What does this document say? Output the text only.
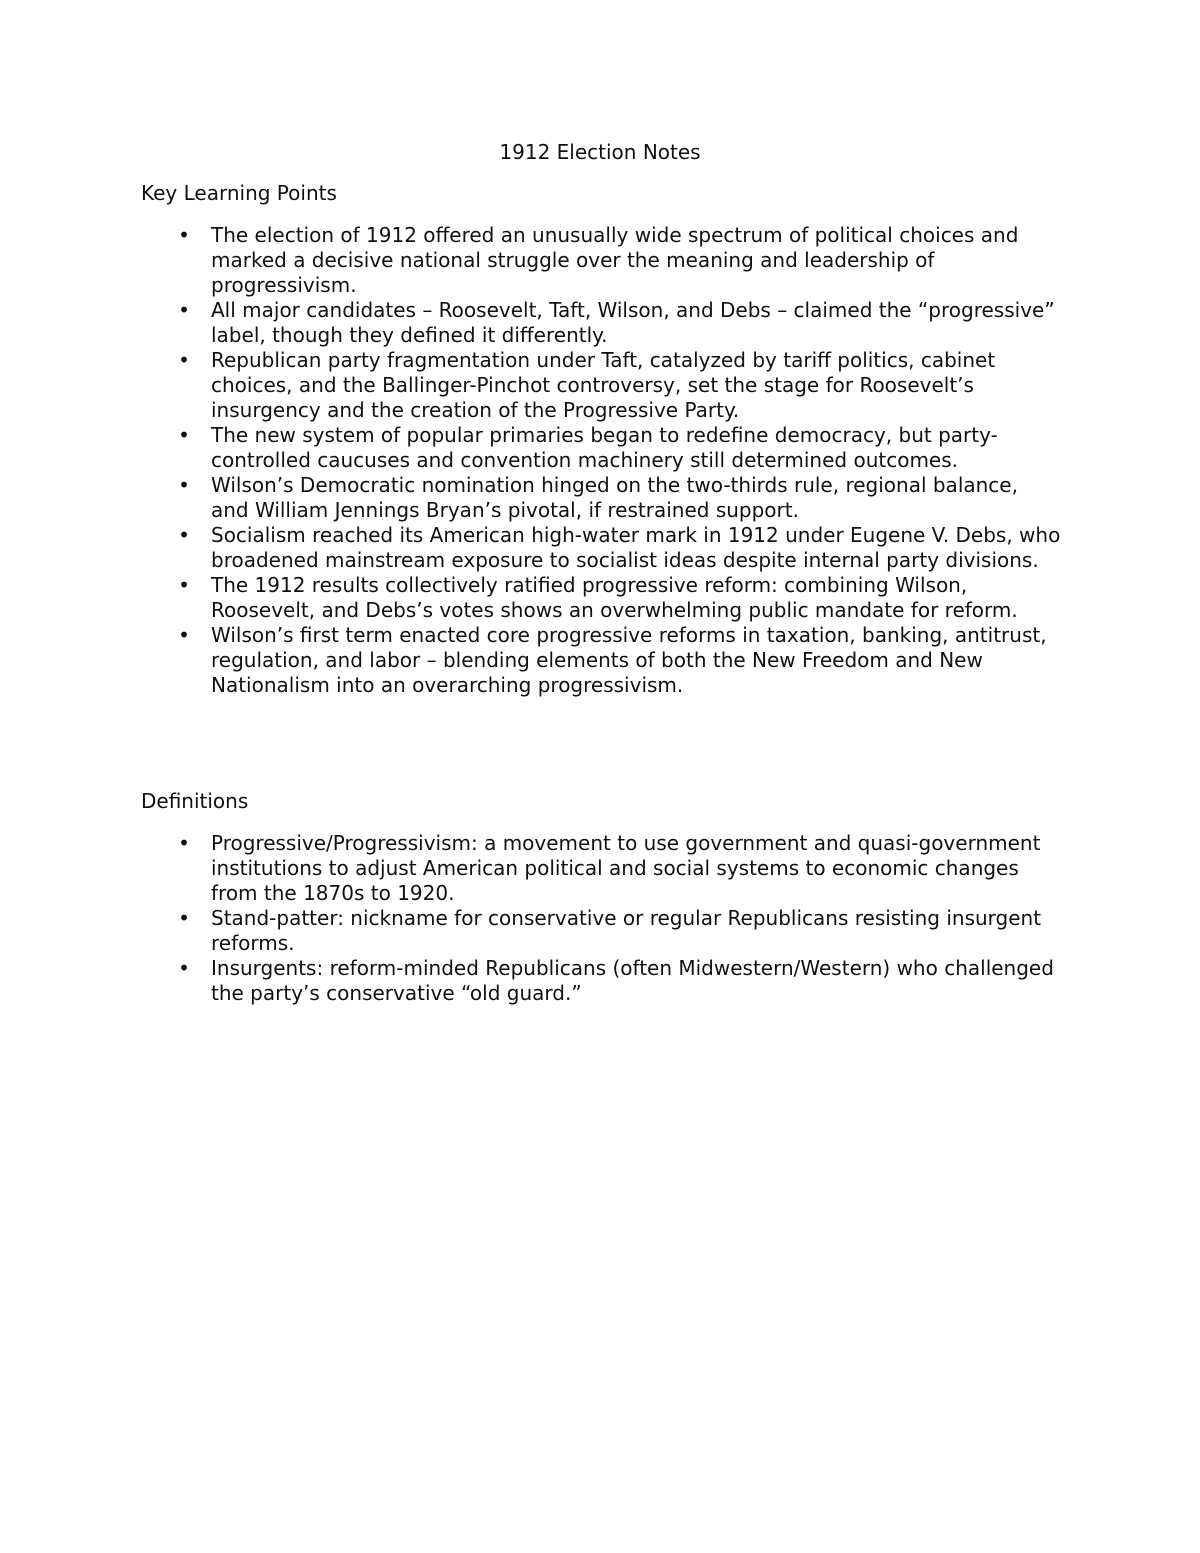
1912 Election Notes
Key Learning Points
• The election of 1912 offered an unusually wide spectrum of political choices and marked a decisive national struggle over the meaning and leadership of progressivism.
• All major candidates – Roosevelt, Taft, Wilson, and Debs – claimed the “progressive” label, though they defined it differently.
• Republican party fragmentation under Taft, catalyzed by tariff politics, cabinet choices, and the Ballinger-Pinchot controversy, set the stage for Roosevelt’s insurgency and the creation of the Progressive Party.
• The new system of popular primaries began to redefine democracy, but party-controlled caucuses and convention machinery still determined outcomes.
• Wilson’s Democratic nomination hinged on the two-thirds rule, regional balance, and William Jennings Bryan’s pivotal, if restrained support.
• Socialism reached its American high-water mark in 1912 under Eugene V. Debs, who broadened mainstream exposure to socialist ideas despite internal party divisions.
• The 1912 results collectively ratified progressive reform: combining Wilson, Roosevelt, and Debs’s votes shows an overwhelming public mandate for reform.
• Wilson’s first term enacted core progressive reforms in taxation, banking, antitrust, regulation, and labor – blending elements of both the New Freedom and New Nationalism into an overarching progressivism.
Definitions
• Progressive/Progressivism: a movement to use government and quasi-government institutions to adjust American political and social systems to economic changes from the 1870s to 1920.
• Stand-patter: nickname for conservative or regular Republicans resisting insurgent reforms.
• Insurgents: reform-minded Republicans (often Midwestern/Western) who challenged the party’s conservative “old guard.”
